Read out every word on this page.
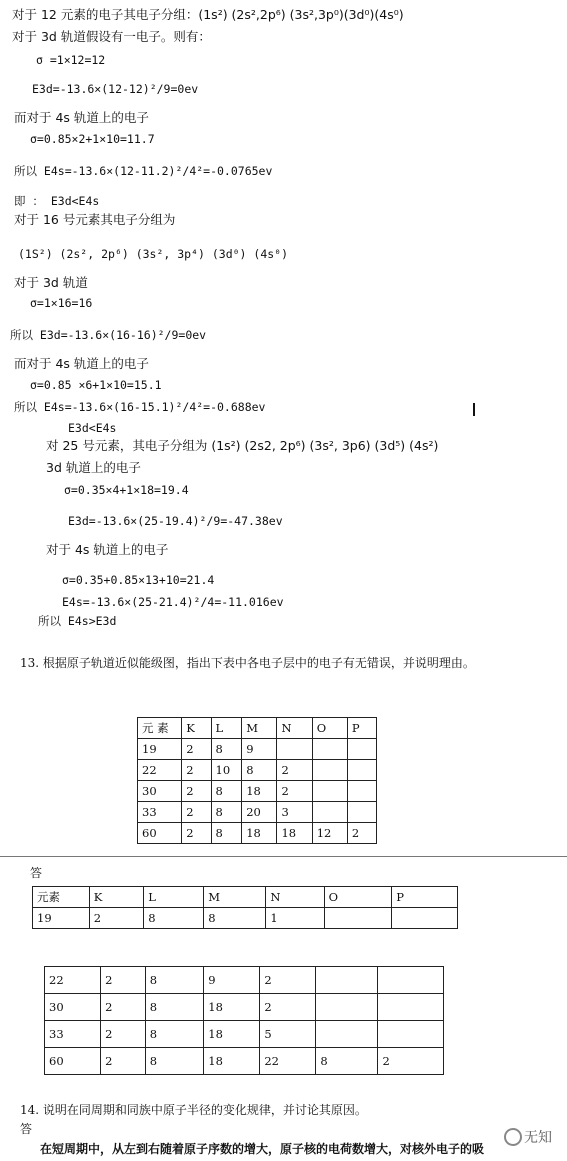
对于 12 元素的电子其电子分组：(1s²) (2s²,2p⁶) (3s²,3p⁰)(3d⁰)(4s⁰)
对于 3d 轨道假设有一电子。则有：
σ =1×12=12
E3d=-13.6×(12-12)²/9=0ev
而对于 4s 轨道上的电子
σ=0.85×2+1×10=11.7
所以 E4s=-13.6×(12-11.2)²/4²=-0.0765ev
即 ： E3d<E4s
对于 16 号元素其电子分组为
(1S²) (2s², 2p⁶) (3s², 3p⁴) (3d⁰) (4s⁰)
对于 3d 轨道
σ=1×16=16
所以 E3d=-13.6×(16-16)²/9=0ev
而对于 4s 轨道上的电子
σ=0.85 ×6+1×10=15.1
所以 E4s=-13.6×(16-15.1)²/4²=-0.688ev
E3d<E4s
对 25 号元素，其电子分组为 (1s²) (2s2, 2p⁶) (3s², 3p6) (3d⁵) (4s²)
3d 轨道上的电子
σ=0.35×4+1×18=19.4
E3d=-13.6×(25-19.4)²/9=-47.38ev
对于 4s 轨道上的电子
σ=0.35+0.85×13+10=21.4
E4s=-13.6×(25-21.4)²/4=-11.016ev
所以 E4s>E3d
13. 根据原子轨道近似能级图，指出下表中各电子层中的电子有无错误，并说明理由。
元 素	K	L	M	N	O	P
19	2	8	9			
22	2	10	8	2		
30	2	8	18	2		
33	2	8	20	3		
60	2	8	18	18	12	2
答
元素	K	L	M	N	O	P
19	2	8	8	1		
22	2	8	9	2		
30	2	8	18	2		
33	2	8	18	5		
60	2	8	18	22	8	2
14. 说明在同周期和同族中原子半径的变化规律，并讨论其原因。
答
在短周期中，从左到右随着原子序数的增大，原子核的电荷数增大，对核外电子的吸
无知
